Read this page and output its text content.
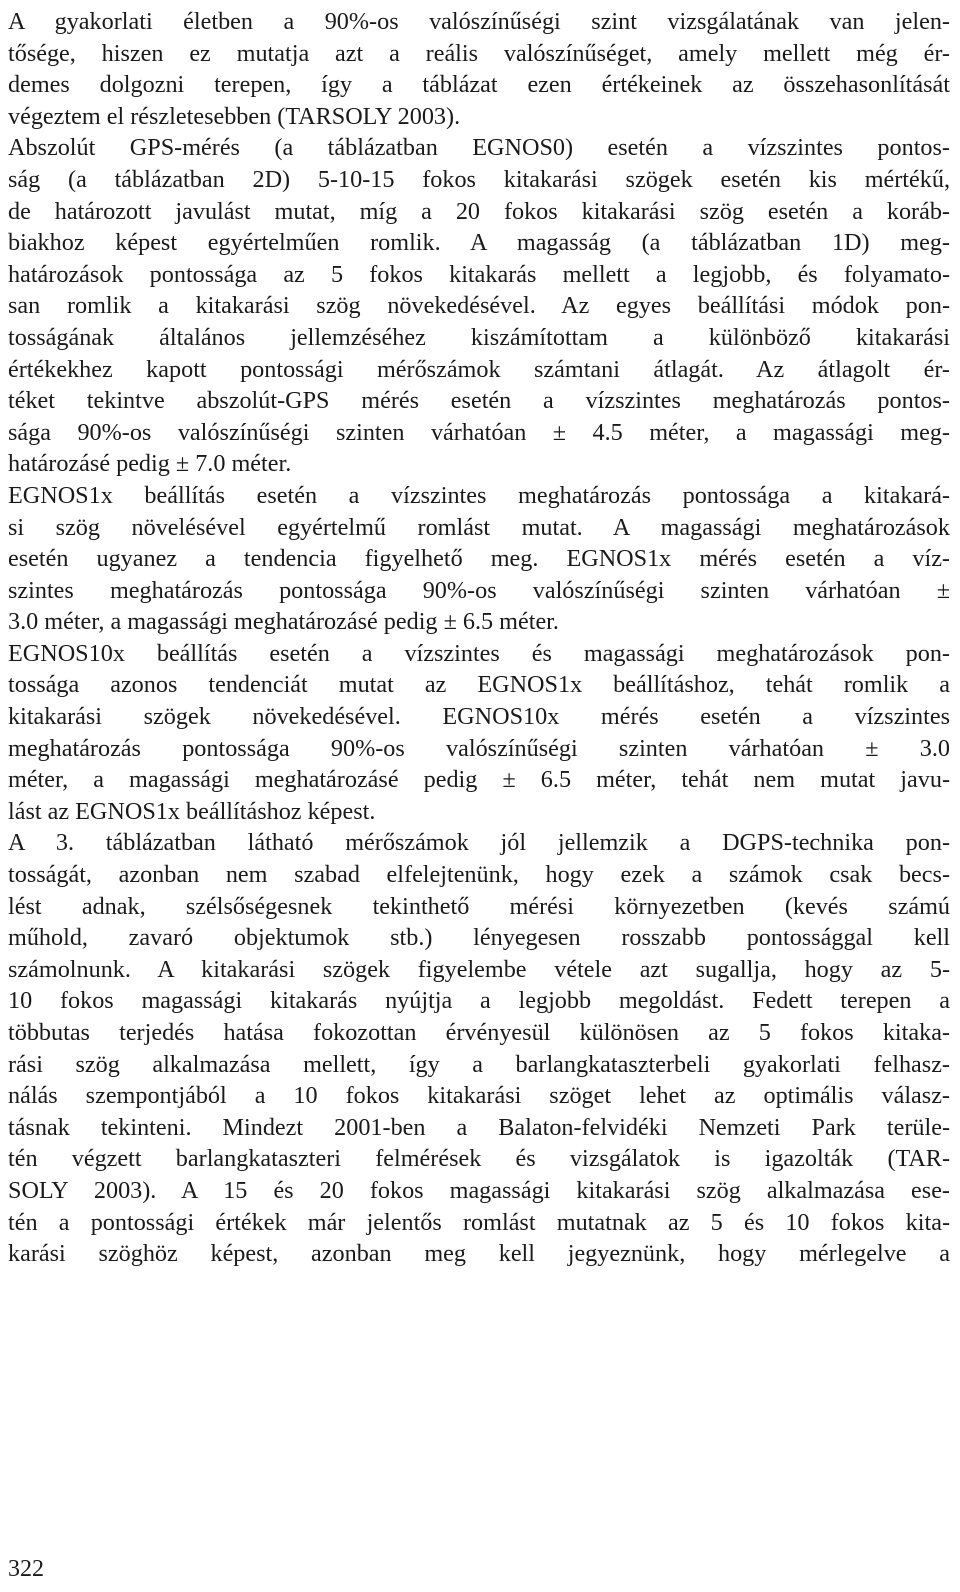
A gyakorlati életben a 90%-os valószínűségi szint vizsgálatának van jelen-
tősége, hiszen ez mutatja azt a reális valószínűséget, amely mellett még ér-
demes dolgozni terepen, így a táblázat ezen értékeinek az összehasonlítását
végeztem el részletesebben (TARSOLY 2003).
Abszolút GPS-mérés (a táblázatban EGNOS0) esetén a vízszintes pontos-
ság (a táblázatban 2D) 5-10-15 fokos kitakarási szögek esetén kis mértékű,
de határozott javulást mutat, míg a 20 fokos kitakarási szög esetén a koráb-
biakhoz képest egyértelműen romlik. A magasság (a táblázatban 1D) meg-
határozások pontossága az 5 fokos kitakarás mellett a legjobb, és folyamato-
san romlik a kitakarási szög növekedésével. Az egyes beállítási módok pon-
tosságának általános jellemzéséhez kiszámítottam a különböző kitakarási
értékekhez kapott pontossági mérőszámok számtani átlagát. Az átlagolt ér-
téket tekintve abszolút-GPS mérés esetén a vízszintes meghatározás pontos-
sága 90%-os valószínűségi szinten várhatóan ± 4.5 méter, a magassági meg-
határozásé pedig ± 7.0 méter.
EGNOS1x beállítás esetén a vízszintes meghatározás pontossága a kitakará-
si szög növelésével egyértelmű romlást mutat. A magassági meghatározások
esetén ugyanez a tendencia figyelhető meg. EGNOS1x mérés esetén a víz-
szintes meghatározás pontossága 90%-os valószínűségi szinten várhatóan ±
3.0 méter, a magassági meghatározásé pedig ± 6.5 méter.
EGNOS10x beállítás esetén a vízszintes és magassági meghatározások pon-
tossága azonos tendenciát mutat az EGNOS1x beállításhoz, tehát romlik a
kitakarási szögek növekedésével. EGNOS10x mérés esetén a vízszintes
meghatározás pontossága 90%-os valószínűségi szinten várhatóan ± 3.0
méter, a magassági meghatározásé pedig ± 6.5 méter, tehát nem mutat javu-
lást az EGNOS1x beállításhoz képest.
A 3. táblázatban látható mérőszámok jól jellemzik a DGPS-technika pon-
tosságát, azonban nem szabad elfelejtenünk, hogy ezek a számok csak becs-
lést adnak, szélsőségesnek tekinthető mérési környezetben (kevés számú
műhold, zavaró objektumok stb.) lényegesen rosszabb pontossággal kell
számolnunk. A kitakarási szögek figyelembe vétele azt sugallja, hogy az 5-
10 fokos magassági kitakarás nyújtja a legjobb megoldást. Fedett terepen a
többutas terjedés hatása fokozottan érvényesül különösen az 5 fokos kitaka-
rási szög alkalmazása mellett, így a barlangkataszterbeli gyakorlati felhasz-
nálás szempontjából a 10 fokos kitakarási szöget lehet az optimális válasz-
tásnak tekinteni. Mindezt 2001-ben a Balaton-felvidéki Nemzeti Park terüle-
tén végzett barlangkataszteri felmérések és vizsgálatok is igazolták (TAR-
SOLY 2003). A 15 és 20 fokos magassági kitakarási szög alkalmazása ese-
tén a pontossági értékek már jelentős romlást mutatnak az 5 és 10 fokos kita-
karási szöghöz képest, azonban meg kell jegyeznünk, hogy mérlegelve a
322
